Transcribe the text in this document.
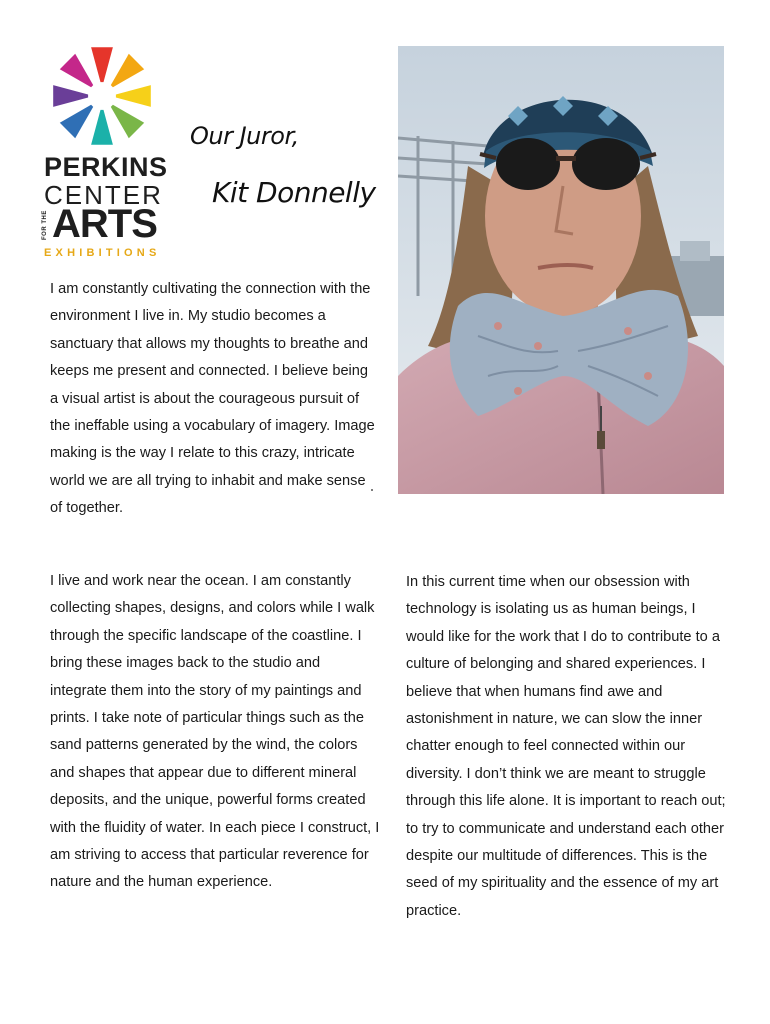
PERKINS
CENTER
FOR THE ARTS
EXHIBITIONS
Our Juror,
Kit Donnelly

I am constantly cultivating the connection with the environment I live in. My studio becomes a sanctuary that allows my thoughts to breathe and keeps me present and connected. I believe being a visual artist is about the courageous pursuit of the ineffable using a vocabulary of imagery. Image making is the way I relate to this crazy, intricate world we are all trying to inhabit and make sense of together.

I live and work near the ocean. I am constantly collecting shapes, designs, and colors while I walk through the specific landscape of the coastline. I bring these images back to the studio and integrate them into the story of my paintings and prints. I take note of particular things such as the sand patterns generated by the wind, the colors and shapes that appear due to different mineral deposits, and the unique, powerful forms created with the fluidity of water. In each piece I construct, I am striving to access that particular reverence for nature and the human experience.

In this current time when our obsession with technology is isolating us as human beings, I would like for the work that I do to contribute to a culture of belonging and shared experiences. I believe that when humans find awe and astonishment in nature, we can slow the inner chatter enough to feel connected within our diversity. I don’t think we are meant to struggle through this life alone. It is important to reach out; to try to communicate and understand each other despite our multitude of differences. This is the seed of my spirituality and the essence of my art practice.
